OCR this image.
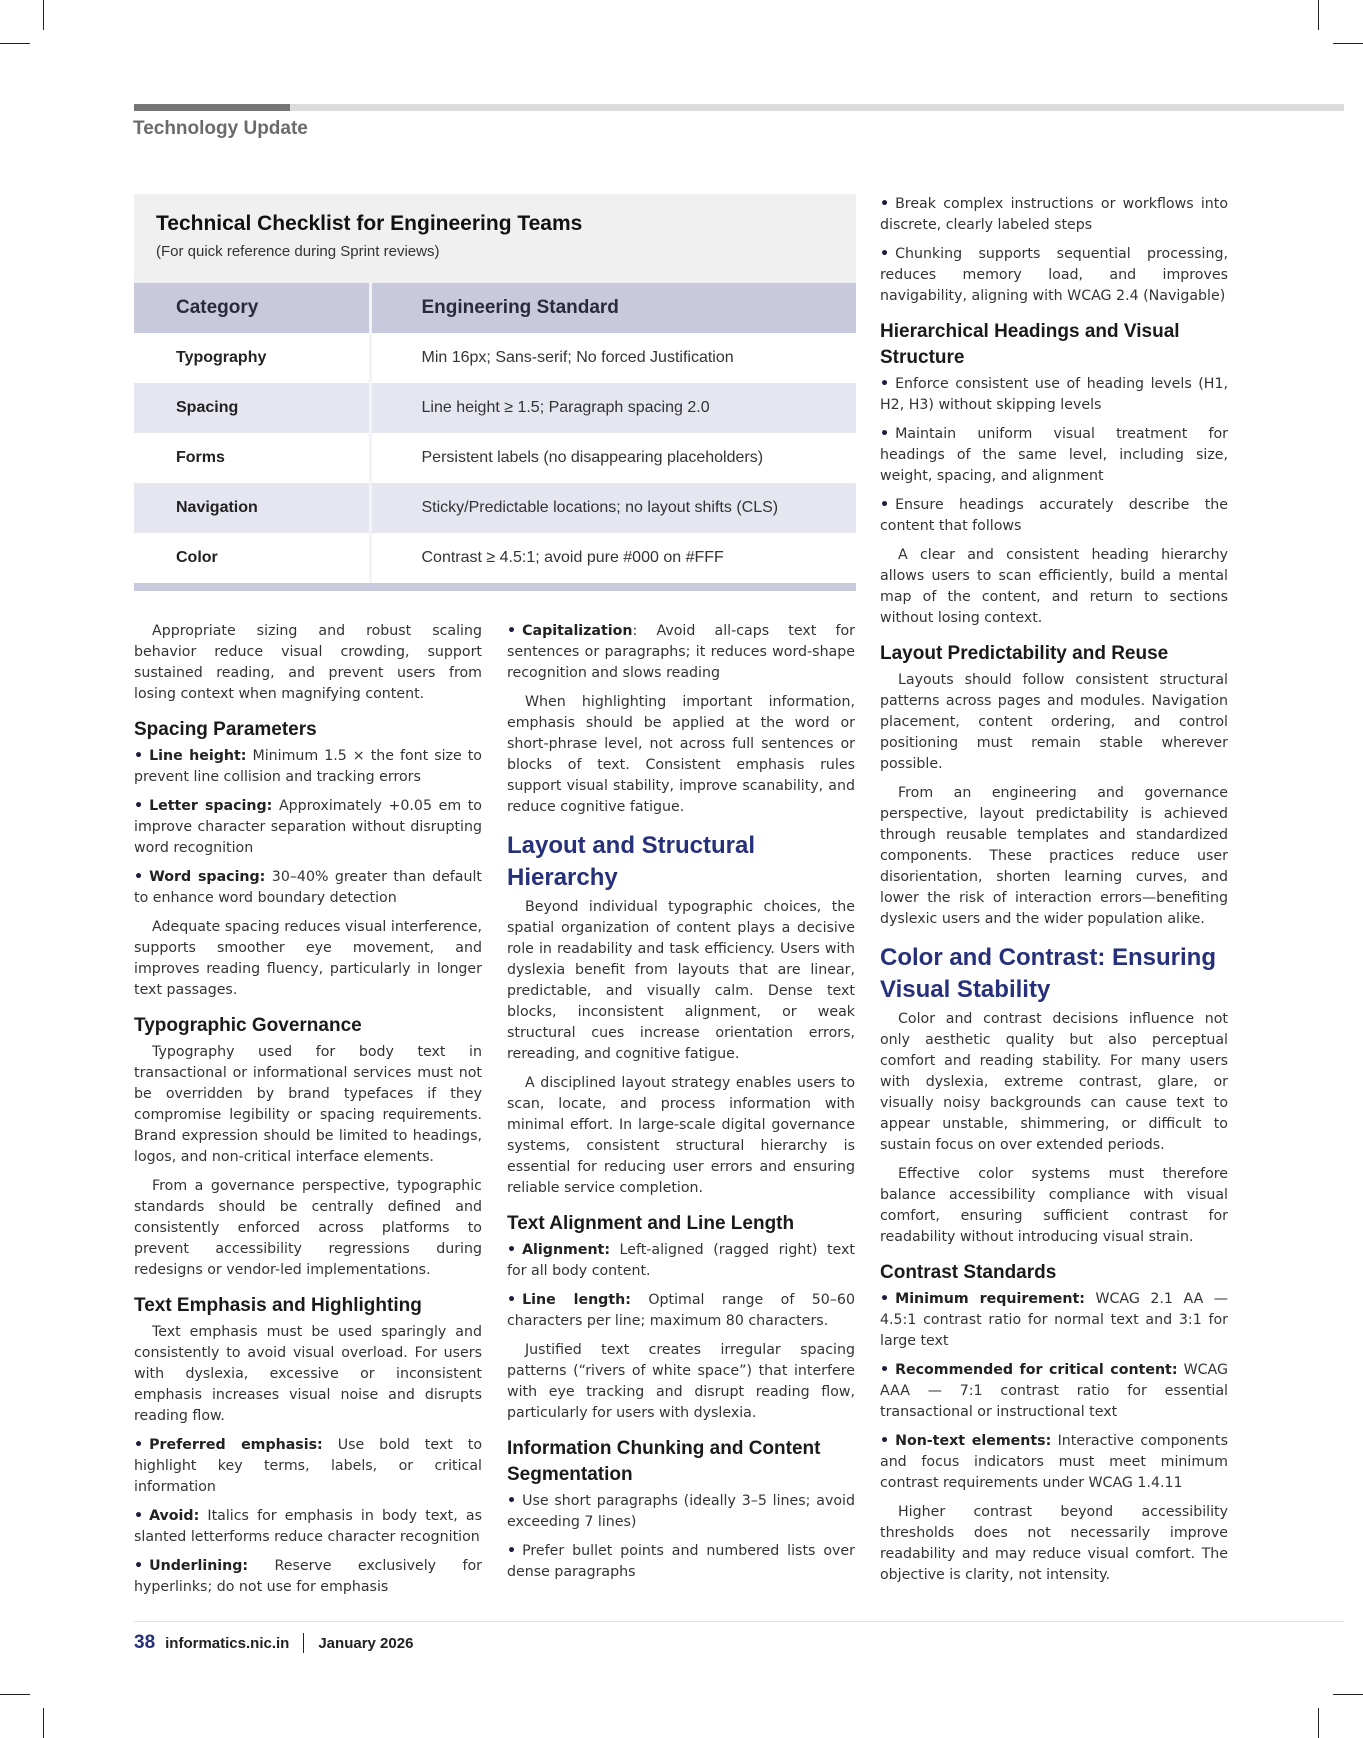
Technology Update
Technical Checklist for Engineering Teams
(For quick reference during Sprint reviews)
Category	Engineering Standard
Typography	Min 16px; Sans-serif; No forced Justification
Spacing	Line height ≥ 1.5; Paragraph spacing 2.0
Forms	Persistent labels (no disappearing placeholders)
Navigation	Sticky/Predictable locations; no layout shifts (CLS)
Color	Contrast ≥ 4.5:1; avoid pure #000 on #FFF

Appropriate sizing and robust scaling behavior reduce visual crowding, support sustained reading, and prevent users from losing context when magnifying content.

Spacing Parameters
• Line height: Minimum 1.5 × the font size to prevent line collision and tracking errors
• Letter spacing: Approximately +0.05 em to improve character separation without disrupting word recognition
• Word spacing: 30–40% greater than default to enhance word boundary detection

Adequate spacing reduces visual interference, supports smoother eye movement, and improves reading fluency, particularly in longer text passages.

Typographic Governance

Typography used for body text in transactional or informational services must not be overridden by brand typefaces if they compromise legibility or spacing requirements. Brand expression should be limited to headings, logos, and non-critical interface elements.

From a governance perspective, typographic standards should be centrally defined and consistently enforced across platforms to prevent accessibility regressions during redesigns or vendor-led implementations.

Text Emphasis and Highlighting

Text emphasis must be used sparingly and consistently to avoid visual overload. For users with dyslexia, excessive or inconsistent emphasis increases visual noise and disrupts reading flow.

• Preferred emphasis: Use bold text to highlight key terms, labels, or critical information
• Avoid: Italics for emphasis in body text, as slanted letterforms reduce character recognition
• Underlining: Reserve exclusively for hyperlinks; do not use for emphasis
• Capitalization: Avoid all-caps text for sentences or paragraphs; it reduces word-shape recognition and slows reading

When highlighting important information, emphasis should be applied at the word or short-phrase level, not across full sentences or blocks of text. Consistent emphasis rules support visual stability, improve scanability, and reduce cognitive fatigue.

Layout and Structural Hierarchy

Beyond individual typographic choices, the spatial organization of content plays a decisive role in readability and task efficiency. Users with dyslexia benefit from layouts that are linear, predictable, and visually calm. Dense text blocks, inconsistent alignment, or weak structural cues increase orientation errors, rereading, and cognitive fatigue.

A disciplined layout strategy enables users to scan, locate, and process information with minimal effort. In large-scale digital governance systems, consistent structural hierarchy is essential for reducing user errors and ensuring reliable service completion.

Text Alignment and Line Length
• Alignment: Left-aligned (ragged right) text for all body content.
• Line length: Optimal range of 50–60 characters per line; maximum 80 characters.

Justified text creates irregular spacing patterns (“rivers of white space”) that interfere with eye tracking and disrupt reading flow, particularly for users with dyslexia.

Information Chunking and Content Segmentation
• Use short paragraphs (ideally 3–5 lines; avoid exceeding 7 lines)
• Prefer bullet points and numbered lists over dense paragraphs
• Break complex instructions or workflows into discrete, clearly labeled steps
• Chunking supports sequential processing, reduces memory load, and improves navigability, aligning with WCAG 2.4 (Navigable)
Hierarchical Headings and Visual Structure
• Enforce consistent use of heading levels (H1, H2, H3) without skipping levels
• Maintain uniform visual treatment for headings of the same level, including size, weight, spacing, and alignment
• Ensure headings accurately describe the content that follows

A clear and consistent heading hierarchy allows users to scan efficiently, build a mental map of the content, and return to sections without losing context.

Layout Predictability and Reuse

Layouts should follow consistent structural patterns across pages and modules. Navigation placement, content ordering, and control positioning must remain stable wherever possible.

From an engineering and governance perspective, layout predictability is achieved through reusable templates and standardized components. These practices reduce user disorientation, shorten learning curves, and lower the risk of interaction errors—benefiting dyslexic users and the wider population alike.

Color and Contrast: Ensuring Visual Stability

Color and contrast decisions influence not only aesthetic quality but also perceptual comfort and reading stability. For many users with dyslexia, extreme contrast, glare, or visually noisy backgrounds can cause text to appear unstable, shimmering, or difficult to sustain focus on over extended periods.

Effective color systems must therefore balance accessibility compliance with visual comfort, ensuring sufficient contrast for readability without introducing visual strain.

Contrast Standards
• Minimum requirement: WCAG 2.1 AA — 4.5:1 contrast ratio for normal text and 3:1 for large text
• Recommended for critical content: WCAG AAA — 7:1 contrast ratio for essential transactional or instructional text
• Non-text elements: Interactive components and focus indicators must meet minimum contrast requirements under WCAG 1.4.11

Higher contrast beyond accessibility thresholds does not necessarily improve readability and may reduce visual comfort. The objective is clarity, not intensity.

38 informatics.nic.in January 2026
